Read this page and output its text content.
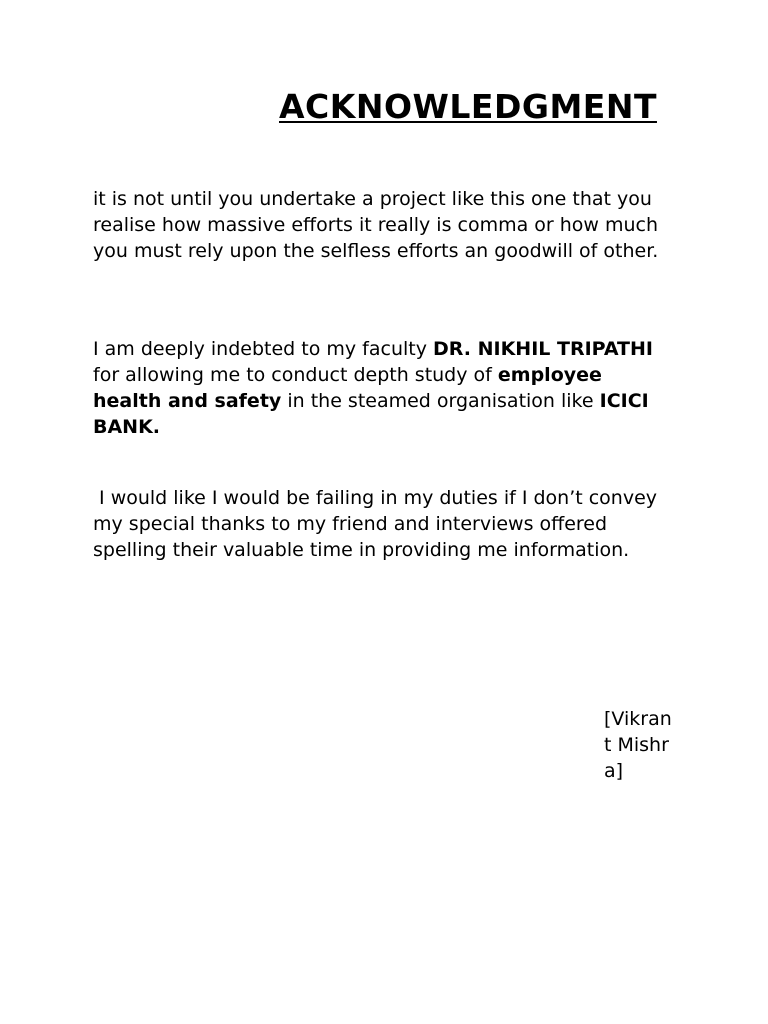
ACKNOWLEDGMENT

it is not until you undertake a project like this one that you realise how massive efforts it really is comma or how much you must rely upon the selfless efforts an goodwill of other.

I am deeply indebted to my faculty DR. NIKHIL TRIPATHI for allowing me to conduct depth study of employee health and safety in the steamed organisation like ICICI BANK.

I would like I would be failing in my duties if I don’t convey my special thanks to my friend and interviews offered spelling their valuable time in providing me information.

[Vikrant Mishra]
